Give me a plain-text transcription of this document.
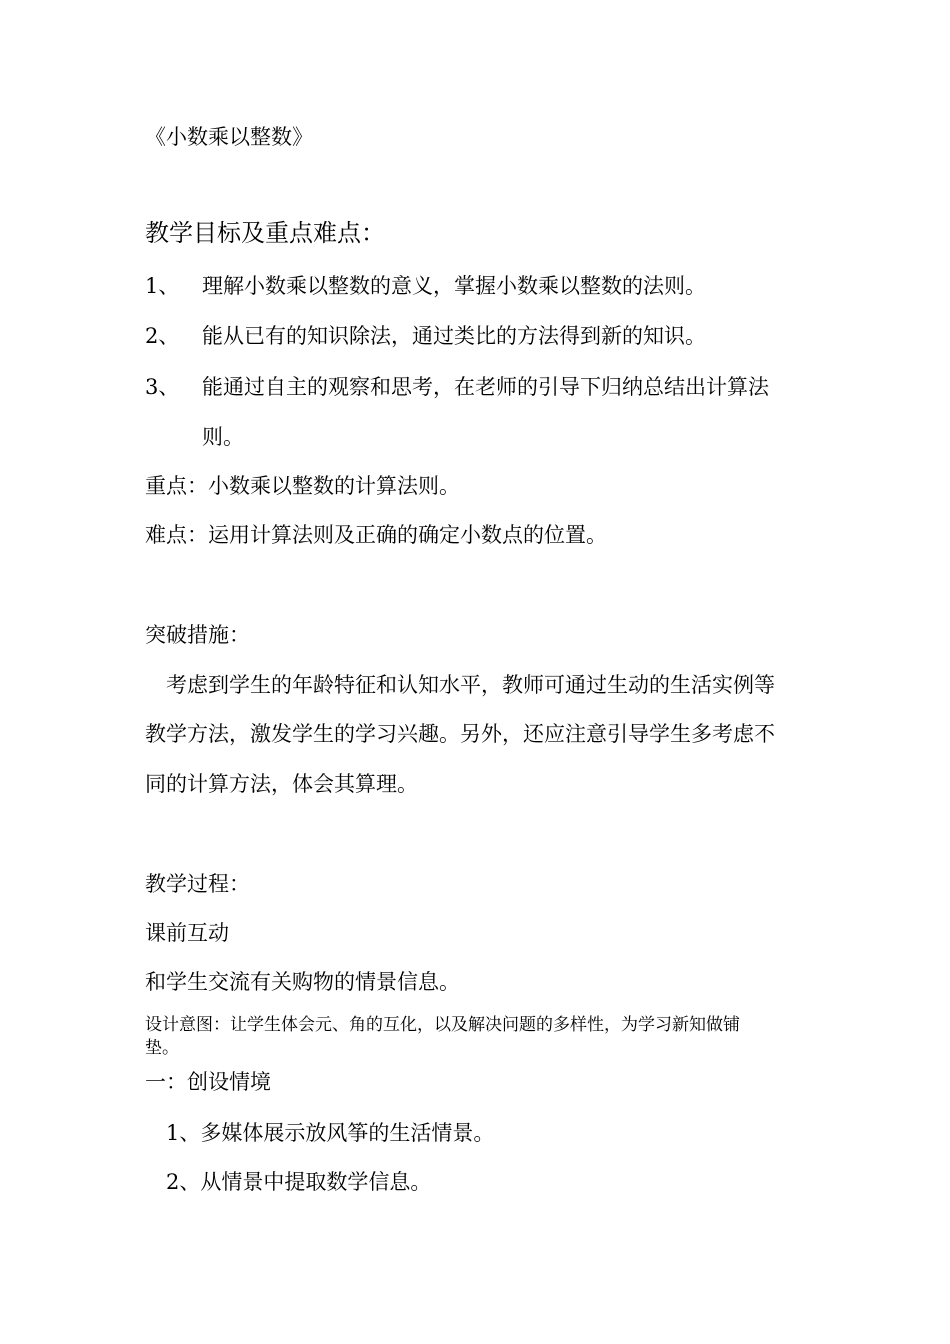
《小数乘以整数》
教学目标及重点难点：
1、 理解小数乘以整数的意义，掌握小数乘以整数的法则。
2、 能从已有的知识除法，通过类比的方法得到新的知识。
3、 能通过自主的观察和思考，在老师的引导下归纳总结出计算法
则。
重点：小数乘以整数的计算法则。
难点：运用计算法则及正确的确定小数点的位置。
突破措施：
考虑到学生的年龄特征和认知水平，教师可通过生动的生活实例等
教学方法，激发学生的学习兴趣。另外，还应注意引导学生多考虑不
同的计算方法，体会其算理。
教学过程：
课前互动
和学生交流有关购物的情景信息。
设计意图：让学生体会元、角的互化，以及解决问题的多样性，为学习新知做铺
垫。
一：创设情境
1、多媒体展示放风筝的生活情景。
2、从情景中提取数学信息。
